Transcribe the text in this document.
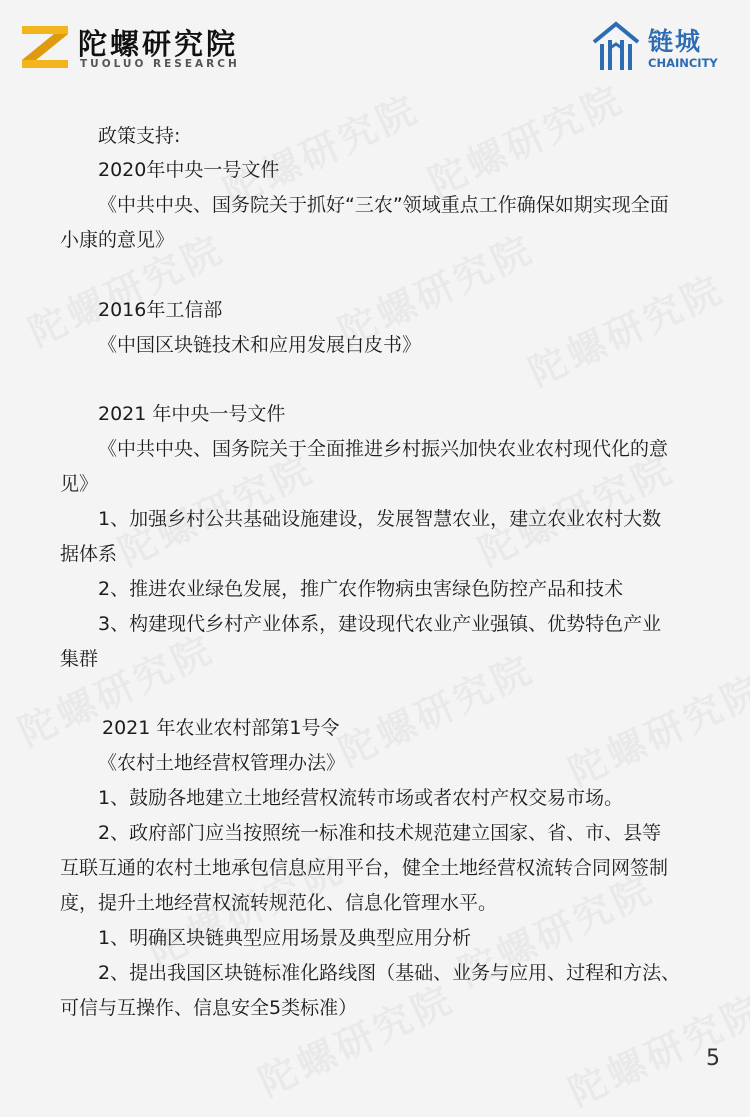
陀螺研究院
TUOLUO RESEARCH
链城
CHAINCITY
政策支持:
2020年中央一号文件
《中共中央、国务院关于抓好“三农”领域重点工作确保如期实现全面
小康的意见》
2016年工信部
《中国区块链技术和应用发展白皮书》
2021 年中央一号文件
《中共中央、国务院关于全面推进乡村振兴加快农业农村现代化的意
见》
1、加强乡村公共基础设施建设，发展智慧农业，建立农业农村大数
据体系
2、推进农业绿色发展，推广农作物病虫害绿色防控产品和技术
3、构建现代乡村产业体系，建设现代农业产业强镇、优势特色产业
集群
2021 年农业农村部第1号令
《农村土地经营权管理办法》
1、鼓励各地建立土地经营权流转市场或者农村产权交易市场。
2、政府部门应当按照统一标准和技术规范建立国家、省、市、县等
互联互通的农村土地承包信息应用平台，健全土地经营权流转合同网签制
度，提升土地经营权流转规范化、信息化管理水平。
1、明确区块链典型应用场景及典型应用分析
2、提出我国区块链标准化路线图（基础、业务与应用、过程和方法、
可信与互操作、信息安全5类标准）
5
